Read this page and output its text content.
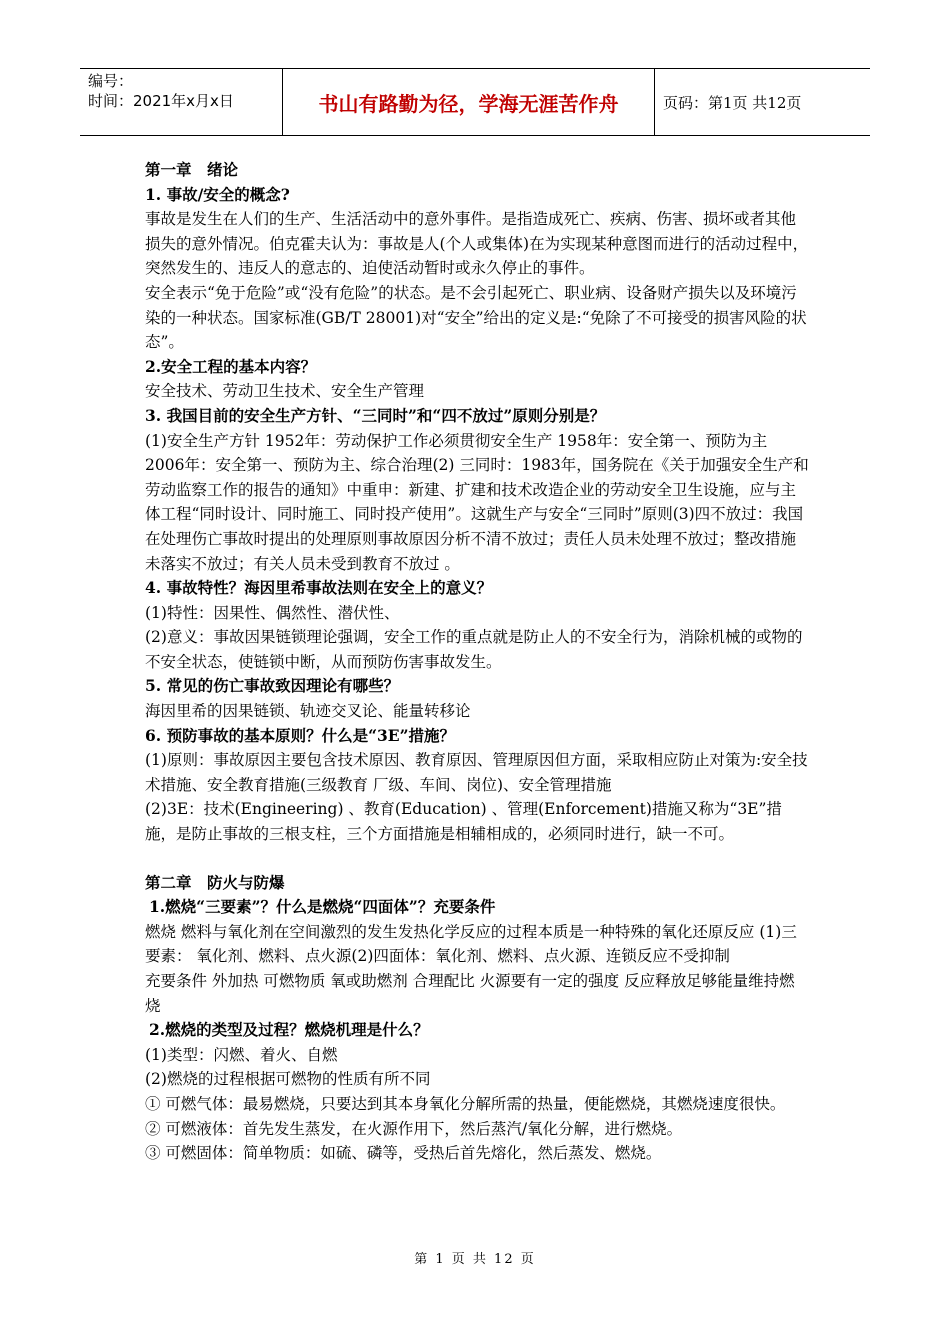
编号：
时间：2021年x月x日	书山有路勤为径，学海无涯苦作舟	页码：第1页 共12页

第一章　绪论

1. 事故/安全的概念?

事故是发生在人们的生产、生活活动中的意外事件。是指造成死亡、疾病、伤害、损坏或者其他损失的意外情况。伯克霍夫认为：事故是人(个人或集体)在为实现某种意图而进行的活动过程中，突然发生的、违反人的意志的、迫使活动暂时或永久停止的事件。

安全表示“免于危险”或“没有危险”的状态。是不会引起死亡、职业病、设备财产损失以及环境污染的一种状态。国家标准(GB/T 28001)对“安全”给出的定义是:“免除了不可接受的损害风险的状态”。

2.安全工程的基本内容？

安全技术、劳动卫生技术、安全生产管理

3. 我国目前的安全生产方针、“三同时”和“四不放过”原则分别是？

(1)安全生产方针 1952年：劳动保护工作必须贯彻安全生产 1958年：安全第一、预防为主 2006年：安全第一、预防为主、综合治理(2) 三同时：1983年，国务院在《关于加强安全生产和劳动监察工作的报告的通知》中重申：新建、扩建和技术改造企业的劳动安全卫生设施，应与主体工程“同时设计、同时施工、同时投产使用”。这就生产与安全“三同时”原则(3)四不放过：我国在处理伤亡事故时提出的处理原则事故原因分析不清不放过；责任人员未处理不放过；整改措施未落实不放过；有关人员未受到教育不放过 。

4. 事故特性？海因里希事故法则在安全上的意义？

(1)特性：因果性、偶然性、潜伏性、

(2)意义：事故因果链锁理论强调，安全工作的重点就是防止人的不安全行为，消除机械的或物的不安全状态，使链锁中断，从而预防伤害事故发生。

5. 常见的伤亡事故致因理论有哪些？

海因里希的因果链锁、轨迹交叉论、能量转移论

6. 预防事故的基本原则？什么是“3E”措施？

(1)原则：事故原因主要包含技术原因、教育原因、管理原因但方面，采取相应防止对策为:安全技术措施、安全教育措施(三级教育 厂级、车间、岗位)、安全管理措施

(2)3E：技术(Engineering) 、教育(Education) 、管理(Enforcement)措施又称为“3E”措施，是防止事故的三根支柱，三个方面措施是相辅相成的，必须同时进行，缺一不可。

第二章　防火与防爆

1.燃烧“三要素”？什么是燃烧“四面体”？充要条件

燃烧 燃料与氧化剂在空间激烈的发生发热化学反应的过程本质是一种特殊的氧化还原反应 (1)三要素： 氧化剂、燃料、点火源(2)四面体：氧化剂、燃料、点火源、连锁反应不受抑制

充要条件 外加热 可燃物质 氧或助燃剂 合理配比 火源要有一定的强度 反应释放足够能量维持燃烧

2.燃烧的类型及过程？燃烧机理是什么？

(1)类型：闪燃、着火、自燃

(2)燃烧的过程根据可燃物的性质有所不同

① 可燃气体：最易燃烧，只要达到其本身氧化分解所需的热量，便能燃烧，其燃烧速度很快。

② 可燃液体：首先发生蒸发，在火源作用下，然后蒸汽/氧化分解，进行燃烧。

③ 可燃固体：简单物质：如硫、磷等，受热后首先熔化，然后蒸发、燃烧。

第 1 页 共 12 页
